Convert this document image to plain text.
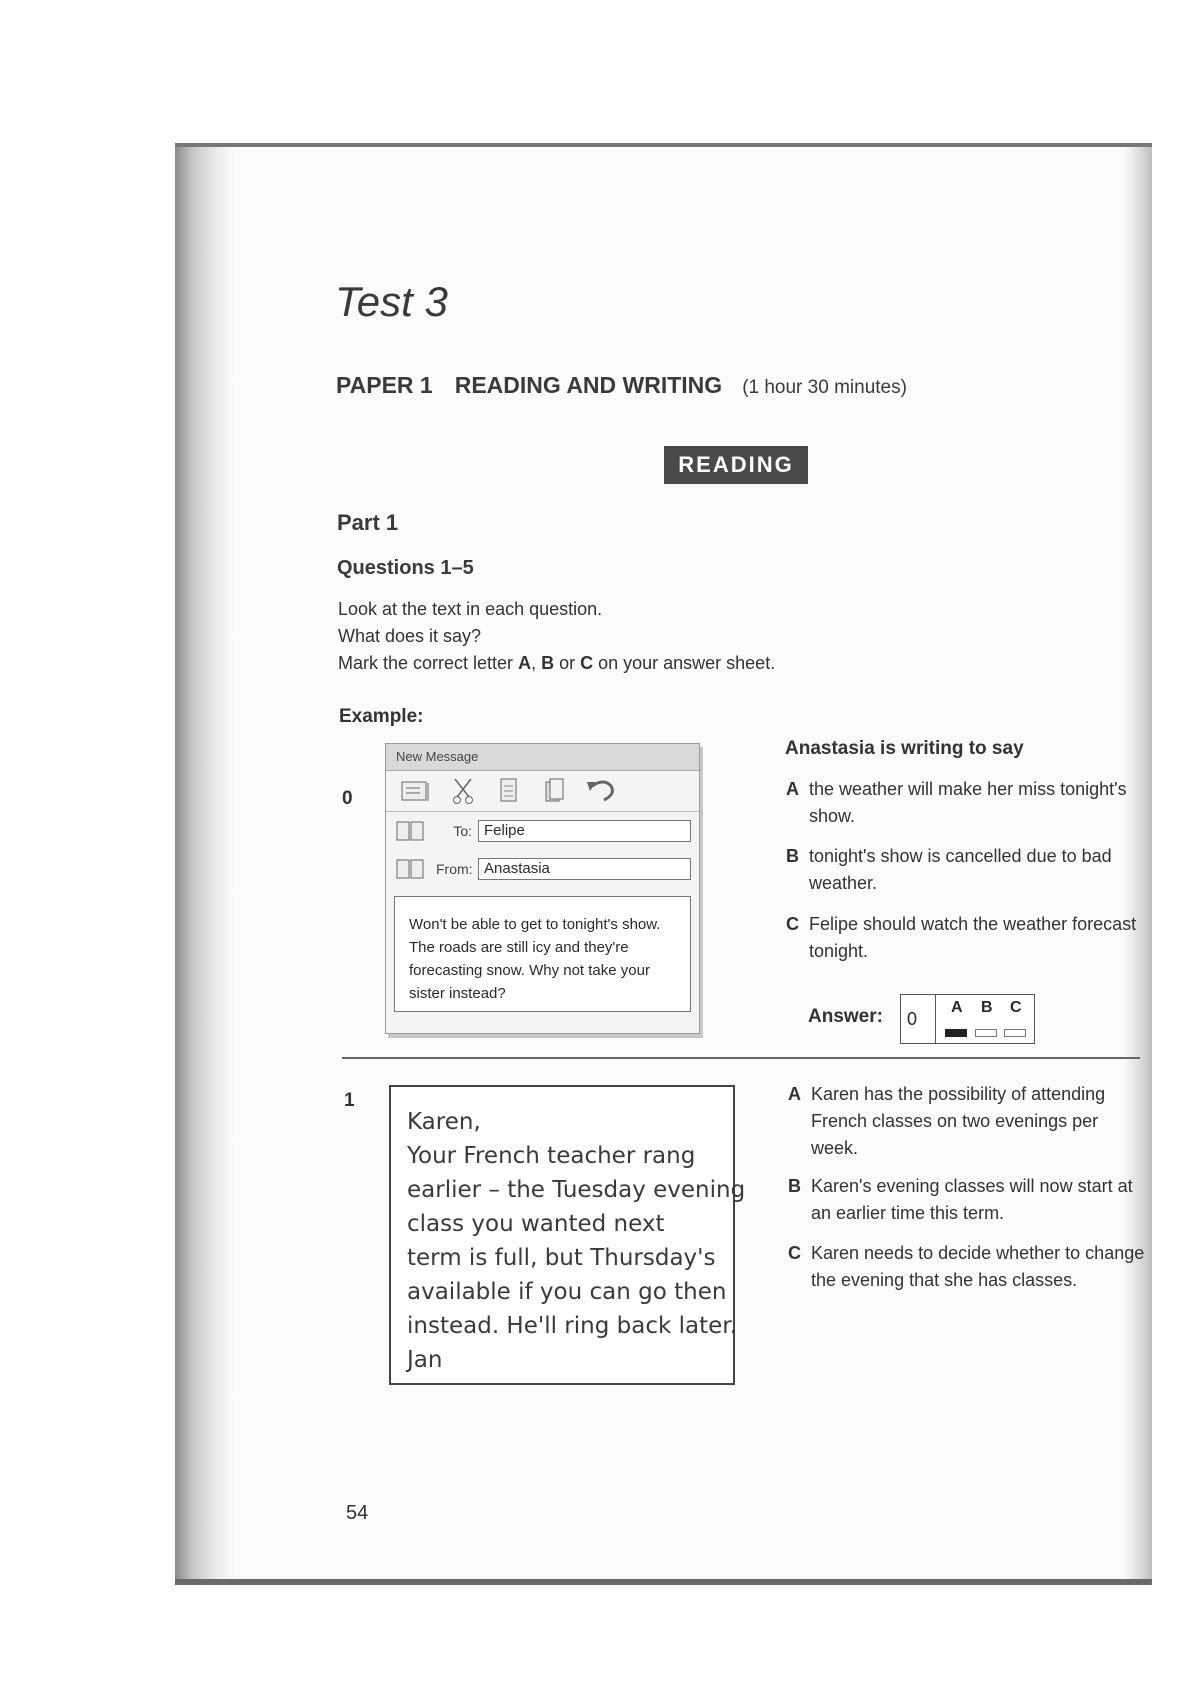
Test 3
PAPER 1 READING AND WRITING (1 hour 30 minutes)
READING
Part 1
Questions 1–5
Look at the text in each question.
What does it say?
Mark the correct letter A, B or C on your answer sheet.
Example:
0
New Message
To: Felipe
From: Anastasia
Won't be able to get to tonight's show.
The roads are still icy and they're
forecasting snow. Why not take your
sister instead?
Anastasia is writing to say
A the weather will make her miss tonight's show.
B tonight's show is cancelled due to bad weather.
C Felipe should watch the weather forecast tonight.
Answer: 0
A B C
1
Karen,
Your French teacher rang
earlier – the Tuesday evening
class you wanted next
term is full, but Thursday's
available if you can go then
instead. He'll ring back later.
Jan
A Karen has the possibility of attending French classes on two evenings per week.
B Karen's evening classes will now start at an earlier time this term.
C Karen needs to decide whether to change the evening that she has classes.
54
